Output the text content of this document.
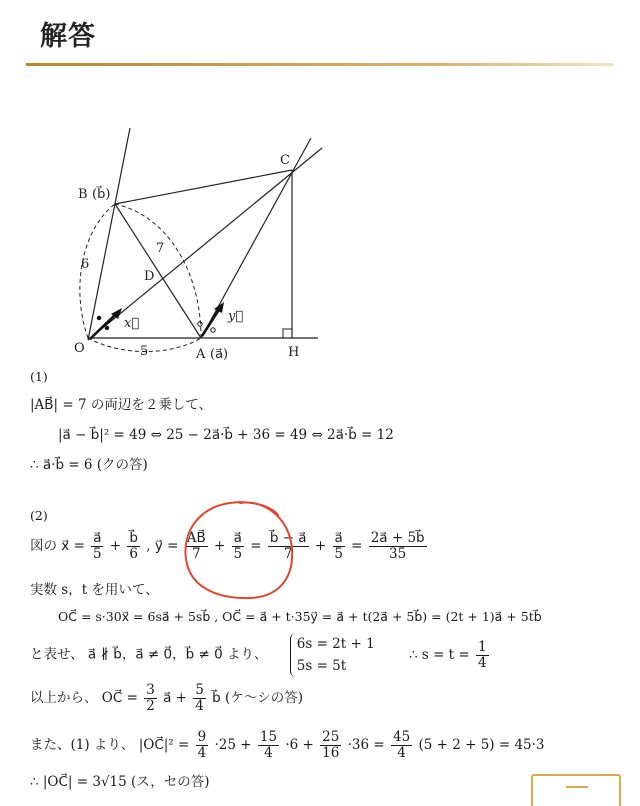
解答
B (b⃗)
C
D
O	A (a⃗)	H
6
7
5
x⃗	y⃗
(1)
|AB⃗| = 7 の両辺を２乗して、
|a⃗ − b⃗|² = 49 ⇔ 25 − 2a⃗·b⃗ + 36 = 49 ⇔ 2a⃗·b⃗ = 12
∴ a⃗·b⃗ = 6 (クの答)
(2)
図の x⃗ = $\frac{a⃗}{5} + \frac{b⃗}{6}$ , y⃗ = $\frac{AB⃗}{7} + \frac{a⃗}{5} = \frac{b⃗ - a⃗}{7} + \frac{a⃗}{5} = \frac{2a⃗ + 5b⃗}{35}$
実数 s，t を用いて、
OC⃗ = s·30x⃗ = 6sa⃗ + 5sb⃗ , OC⃗ = a⃗ + t·35y⃗ = a⃗ + t(2a⃗ + 5b⃗) = (2t + 1)a⃗ + 5tb⃗
と表せ、 a⃗ ∦ b⃗，a⃗ ≠ 0⃗，b⃗ ≠ 0⃗ より、
6s = 2t + 1
5s = 5t
∴ $s = t = \frac{1}{4}$
以上から、 OC⃗ = $\frac{3}{2}$ a⃗ + $\frac{5}{4}$ b⃗ (ケ〜シの答)
また、(1) より、 |OC⃗|² = $\frac{9}{4} \cdot 25 + \frac{15}{4} \cdot 6 + \frac{25}{16} \cdot 36 = \frac{45}{4} (5 + 2 + 5) = 45\cdot 3$
∴ |OC⃗| = 3√15 (ス，セの答)
